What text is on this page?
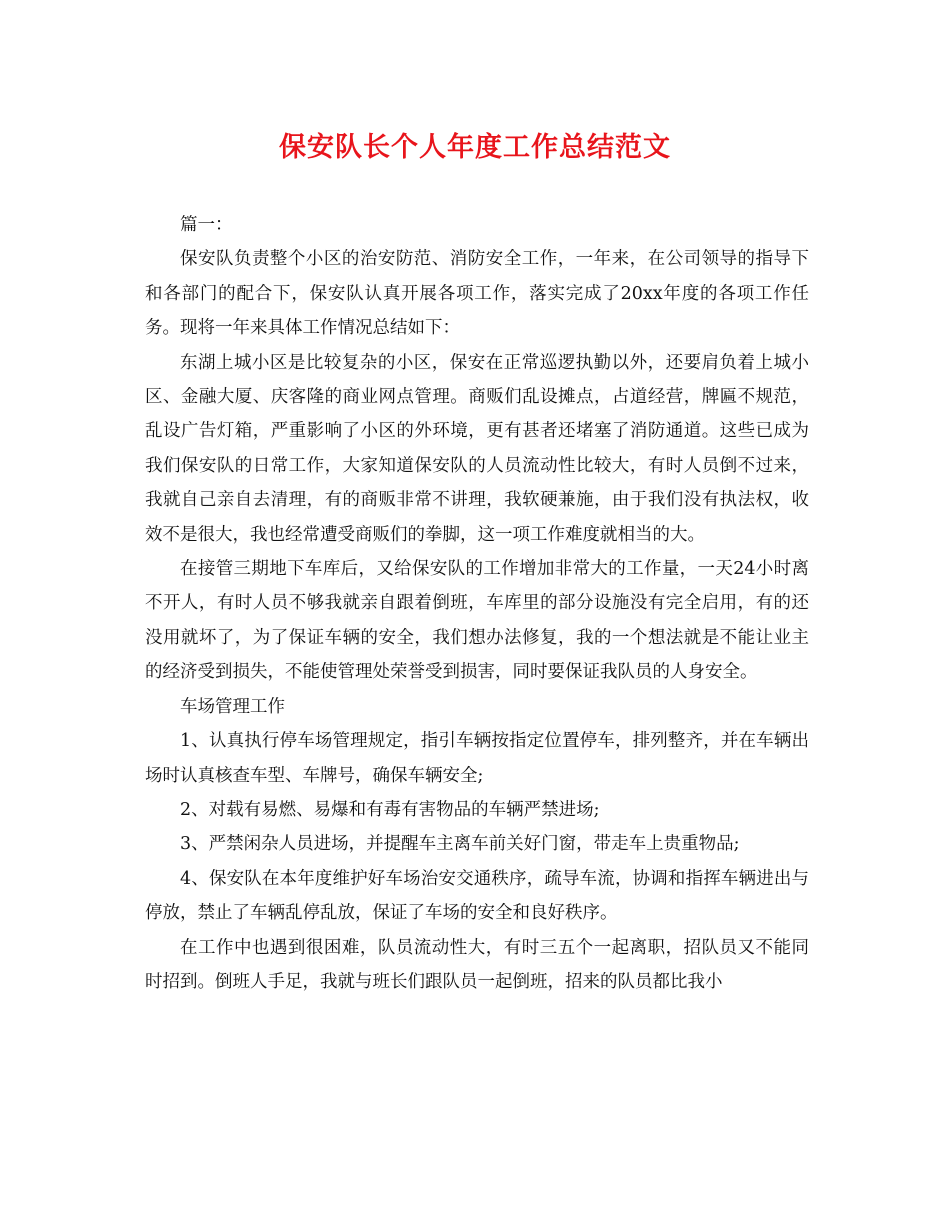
保安队长个人年度工作总结范文

篇一：

保安队负责整个小区的治安防范、消防安全工作，一年来，在公司领导的指导下和各部门的配合下，保安队认真开展各项工作，落实完成了20xx年度的各项工作任务。现将一年来具体工作情况总结如下：

东湖上城小区是比较复杂的小区，保安在正常巡逻执勤以外，还要肩负着上城小区、金融大厦、庆客隆的商业网点管理。商贩们乱设摊点，占道经营，牌匾不规范，乱设广告灯箱，严重影响了小区的外环境，更有甚者还堵塞了消防通道。这些已成为我们保安队的日常工作，大家知道保安队的人员流动性比较大，有时人员倒不过来，我就自己亲自去清理，有的商贩非常不讲理，我软硬兼施，由于我们没有执法权，收效不是很大，我也经常遭受商贩们的拳脚，这一项工作难度就相当的大。

在接管三期地下车库后，又给保安队的工作增加非常大的工作量，一天24小时离不开人，有时人员不够我就亲自跟着倒班，车库里的部分设施没有完全启用，有的还没用就坏了，为了保证车辆的安全，我们想办法修复，我的一个想法就是不能让业主的经济受到损失，不能使管理处荣誉受到损害，同时要保证我队员的人身安全。

车场管理工作

1、认真执行停车场管理规定，指引车辆按指定位置停车，排列整齐，并在车辆出场时认真核查车型、车牌号，确保车辆安全;

2、对载有易燃、易爆和有毒有害物品的车辆严禁进场;

3、严禁闲杂人员进场，并提醒车主离车前关好门窗，带走车上贵重物品;

4、保安队在本年度维护好车场治安交通秩序，疏导车流，协调和指挥车辆进出与停放，禁止了车辆乱停乱放，保证了车场的安全和良好秩序。

在工作中也遇到很困难，队员流动性大，有时三五个一起离职，招队员又不能同时招到。倒班人手足，我就与班长们跟队员一起倒班，招来的队员都比我小
